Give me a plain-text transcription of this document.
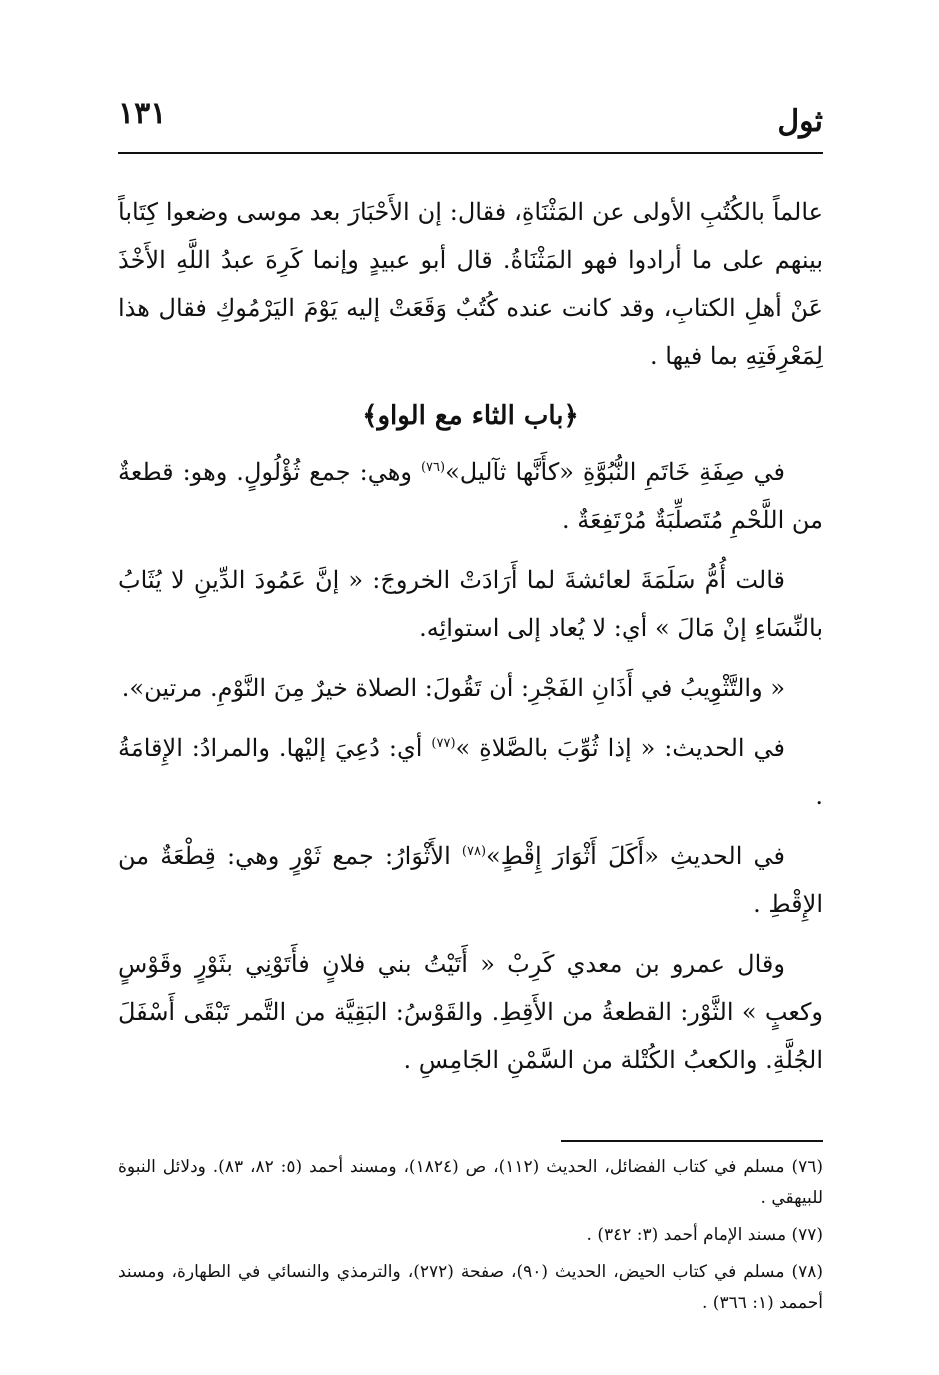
ثول
١٣١

عالماً بالكُتُبِ الأولى عن المَثْنَاةِ، فقال: إن الأَحْبَارَ بعد موسى وضعوا كِتَاباً بينهم على ما أرادوا فهو المَثْنَاةُ. قال أبو عبيدٍ وإنما كَرِهَ عبدُ اللَّهِ الأَخْذَ عَنْ أهلِ الكتابِ، وقد كانت عنده كُتُبٌ وَقَعَتْ إليه يَوْمَ اليَرْمُوكِ فقال هذا لِمَعْرِفَتِهِ بما فيها .

﴿باب الثاء مع الواو﴾

في صِفَةِ خَاتَمِ النُّبُوَّةِ «كأَنَّها ثآليل»$^{(٧٦)}$ وهي: جمع ثُؤْلُولٍ. وهو: قطعةٌ من اللَّحْمِ مُتَصلِّبَةٌ مُرْتَفِعَةٌ .

قالت أُمُّ سَلَمَةَ لعائشةَ لما أَرَادَتْ الخروجَ: « إنَّ عَمُودَ الدِّينِ لا يُثَابُ بالنِّسَاءِ إنْ مَالَ » أي: لا يُعاد إلى استوائِه.

« والتَّثْوِيبُ في أَذَانِ الفَجْرِ: أن تَقُولَ: الصلاة خيرٌ مِنَ النَّوْمِ. مرتين».

في الحديث: « إذا ثُوِّبَ بالصَّلاةِ »$^{(٧٧)}$ أي: دُعِيَ إليْها. والمرادُ: الإِقامَةُ .

في الحديثِ «أَكَلَ أَثْوَارَ إِقْطٍ»$^{(٧٨)}$ الأَثْوَارُ: جمع ثَوْرٍ وهي: قِطْعَةٌ من الإِقْطِ .

وقال عمرو بن معدي كَرِبْ « أَتَيْتُ بني فلانٍ فأَتَوْنِي بثَوْرٍ وقَوْسٍ وكعبٍ » الثَّوْر: القطعةُ من الأَقِطِ. والقَوْسُ: البَقِيَّة من التَّمر تَبْقَى أَسْفَلَ الجُلَّةِ. والكعبُ الكُتْلة من السَّمْنِ الجَامِسِ .

(٧٦) مسلم في كتاب الفضائل، الحديث (١١٢)، ص (١٨٢٤)، ومسند أحمد (٥: ٨٢، ٨٣). ودلائل النبوة للبيهقي .

(٧٧) مسند الإمام أحمد (٣: ٣٤٢) .

(٧٨) مسلم في كتاب الحيض، الحديث (٩٠)، صفحة (٢٧٢)، والترمذي والنسائي في الطهارة، ومسند أحممد (١: ٣٦٦) .
